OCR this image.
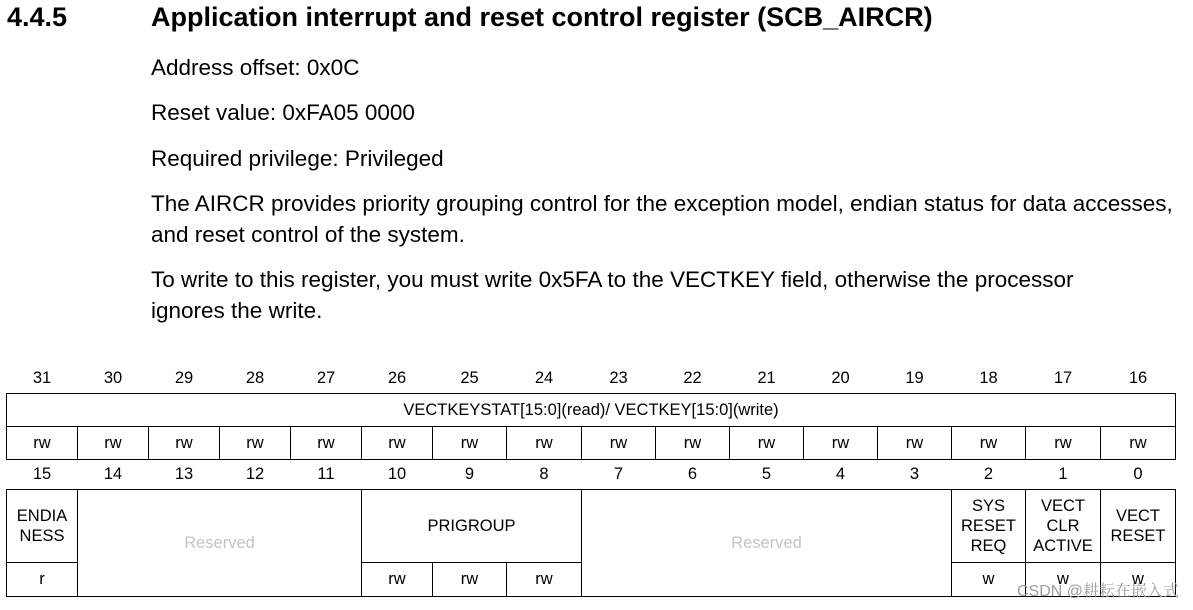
4.4.5	Application interrupt and reset control register (SCB_AIRCR)
Address offset: 0x0C
Reset value: 0xFA05 0000
Required privilege: Privileged
The AIRCR provides priority grouping control for the exception model, endian status for data accesses, and reset control of the system.
To write to this register, you must write 0x5FA to the VECTKEY field, otherwise the processor ignores the write.
31	30	29	28	27	26	25	24	23	22	21	20	19	18	17	16
VECTKEYSTAT[15:0](read)/ VECTKEY[15:0](write)															
rw	rw	rw	rw	rw	rw	rw	rw	rw	rw	rw	rw	rw	rw	rw	rw
15	14	13	12	11	10	9	8	7	6	5	4	3	2	1	0
ENDIA NESS	Reserved				PRIGROUP			Reserved					SYS RESET REQ	VECT CLR ACTIVE	VECT RESET
r					rw	rw	rw						w	w	w
CSDN @耕耘在嵌入式
